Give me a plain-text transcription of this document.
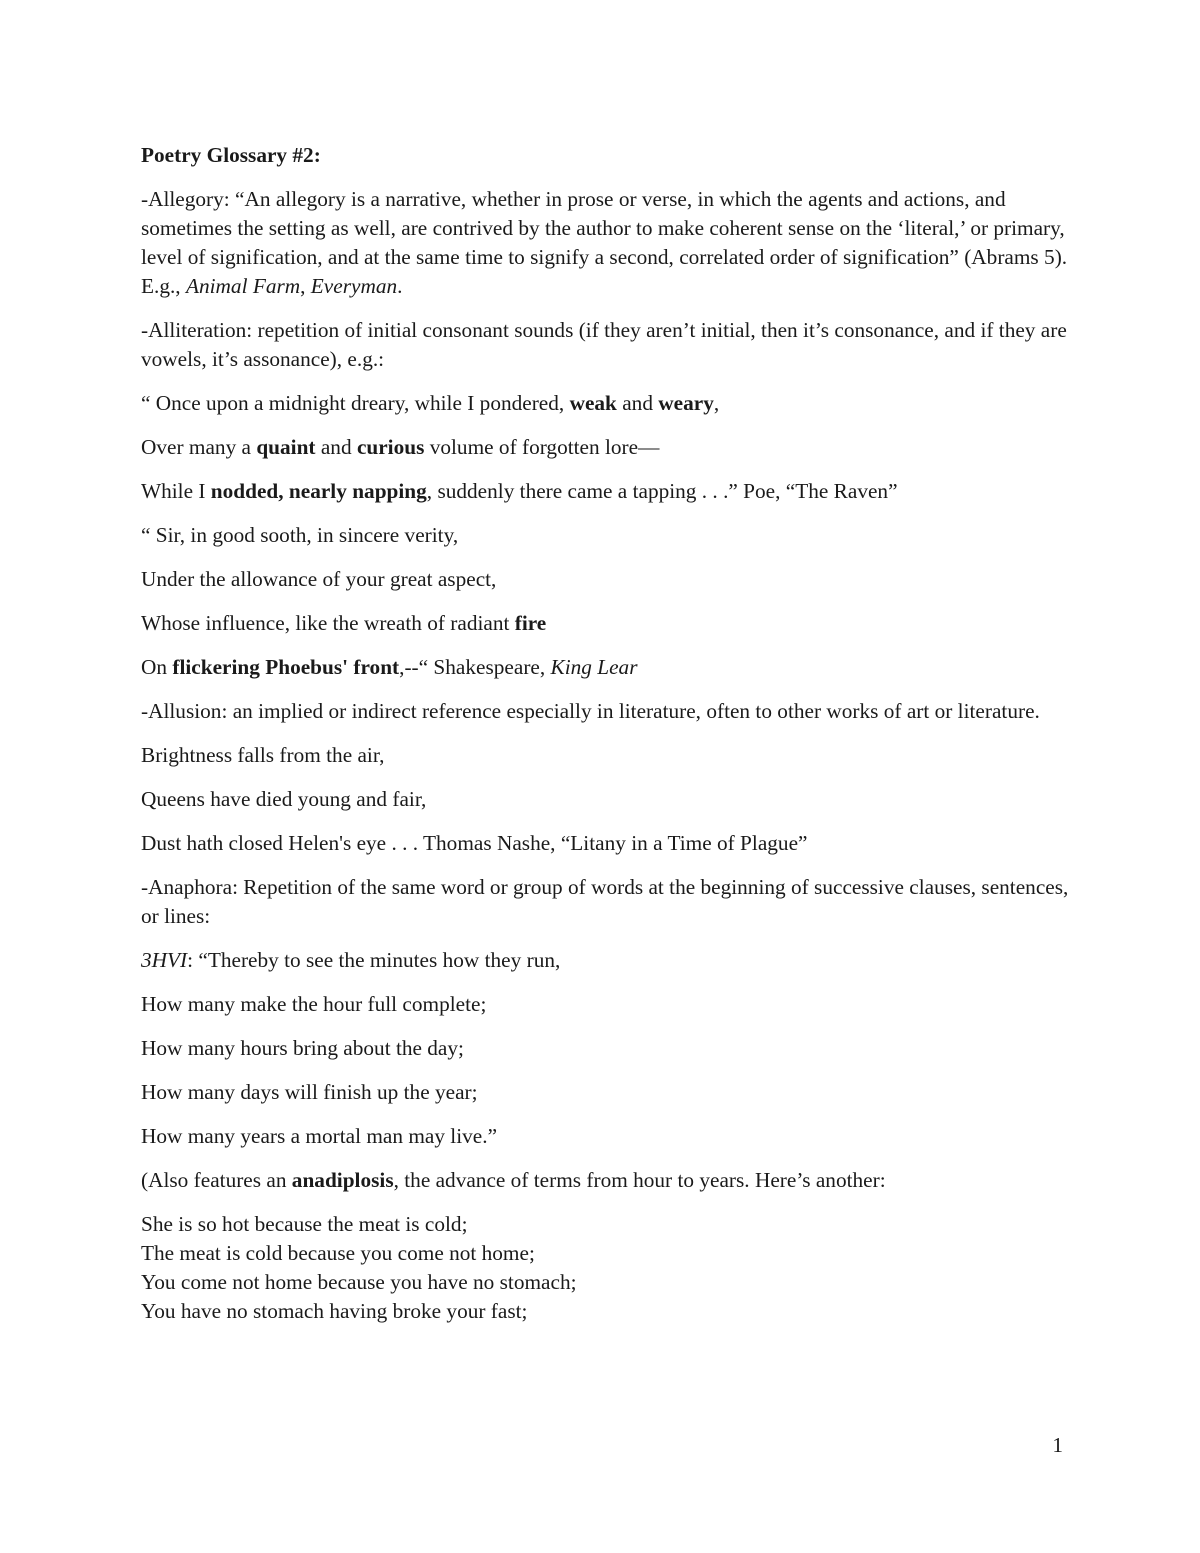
Poetry Glossary #2:

-Allegory: “An allegory is a narrative, whether in prose or verse, in which the agents and actions, and sometimes the setting as well, are contrived by the author to make coherent sense on the ‘literal,’ or primary, level of signification, and at the same time to signify a second, correlated order of signification” (Abrams 5). E.g., Animal Farm, Everyman.

-Alliteration: repetition of initial consonant sounds (if they aren’t initial, then it’s consonance, and if they are vowels, it’s assonance), e.g.:

“ Once upon a midnight dreary, while I pondered, weak and weary,

Over many a quaint and curious volume of forgotten lore—

While I nodded, nearly napping, suddenly there came a tapping . . .” Poe, “The Raven”

“ Sir, in good sooth, in sincere verity,

Under the allowance of your great aspect,

Whose influence, like the wreath of radiant fire

On flickering Phoebus' front,--“ Shakespeare, King Lear

-Allusion: an implied or indirect reference especially in literature, often to other works of art or literature.

Brightness falls from the air,

Queens have died young and fair,

Dust hath closed Helen's eye . . . Thomas Nashe, “Litany in a Time of Plague”

-Anaphora: Repetition of the same word or group of words at the beginning of successive clauses, sentences, or lines:

3HVI: “Thereby to see the minutes how they run,

How many make the hour full complete;

How many hours bring about the day;

How many days will finish up the year;

How many years a mortal man may live.”

(Also features an anadiplosis, the advance of terms from hour to years. Here’s another:

She is so hot because the meat is cold;

The meat is cold because you come not home;

You come not home because you have no stomach;

You have no stomach having broke your fast;

1
